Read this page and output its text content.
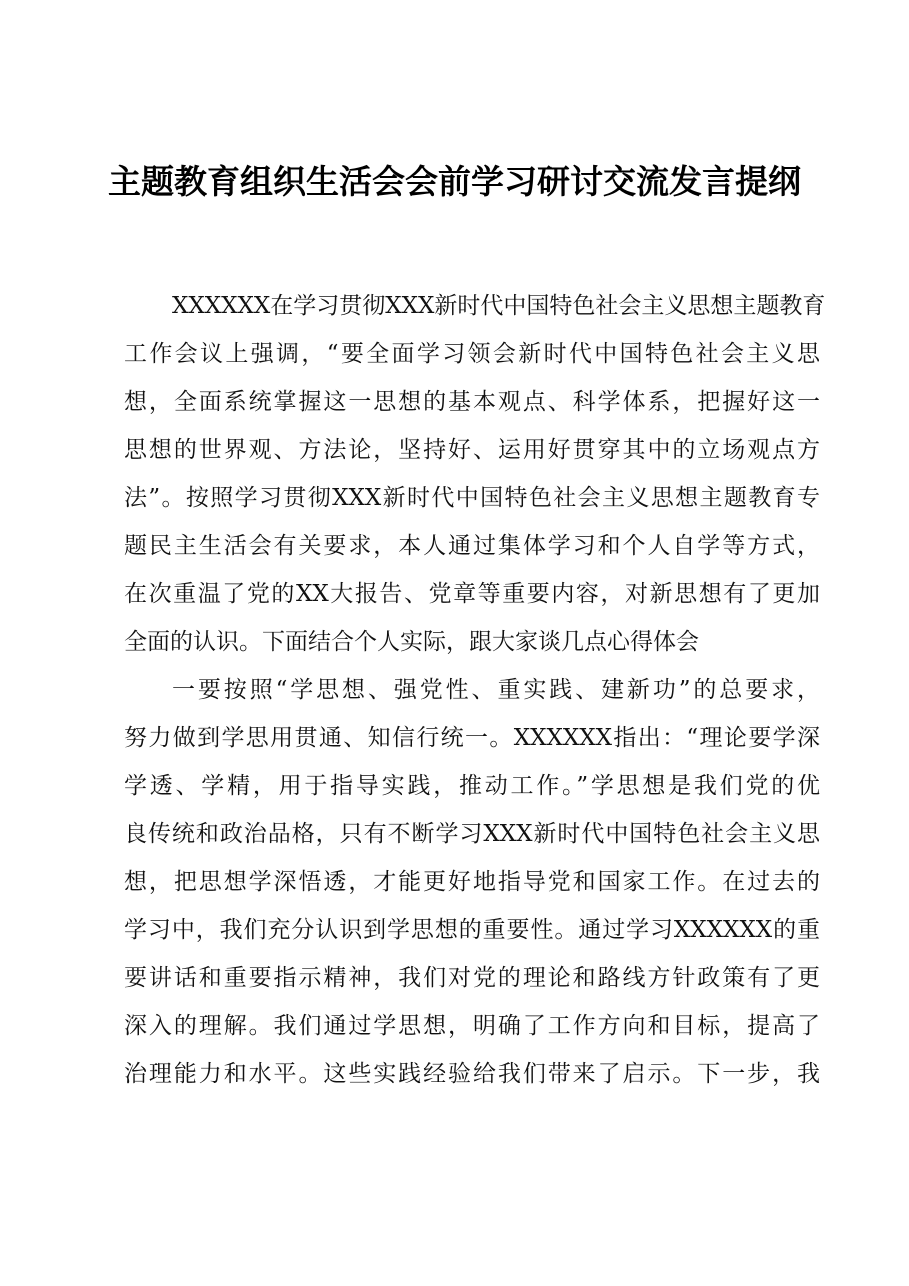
主题教育组织生活会会前学习研讨交流发言提纲
XXXXXX在学习贯彻XXX新时代中国特色社会主义思想主题教育
工作会议上强调，“要全面学习领会新时代中国特色社会主义思
想，全面系统掌握这一思想的基本观点、科学体系，把握好这一
思想的世界观、方法论，坚持好、运用好贯穿其中的立场观点方
法”。按照学习贯彻XXX新时代中国特色社会主义思想主题教育专
题民主生活会有关要求，本人通过集体学习和个人自学等方式，
在次重温了党的XX大报告、党章等重要内容，对新思想有了更加
全面的认识。下面结合个人实际，跟大家谈几点心得体会
一要按照“学思想、强党性、重实践、建新功”的总要求，
努力做到学思用贯通、知信行统一。XXXXXX指出：“理论要学深
学透、学精，用于指导实践，推动工作。”学思想是我们党的优
良传统和政治品格，只有不断学习XXX新时代中国特色社会主义思
想，把思想学深悟透，才能更好地指导党和国家工作。在过去的
学习中，我们充分认识到学思想的重要性。通过学习XXXXXX的重
要讲话和重要指示精神，我们对党的理论和路线方针政策有了更
深入的理解。我们通过学思想，明确了工作方向和目标，提高了
治理能力和水平。这些实践经验给我们带来了启示。下一步，我
